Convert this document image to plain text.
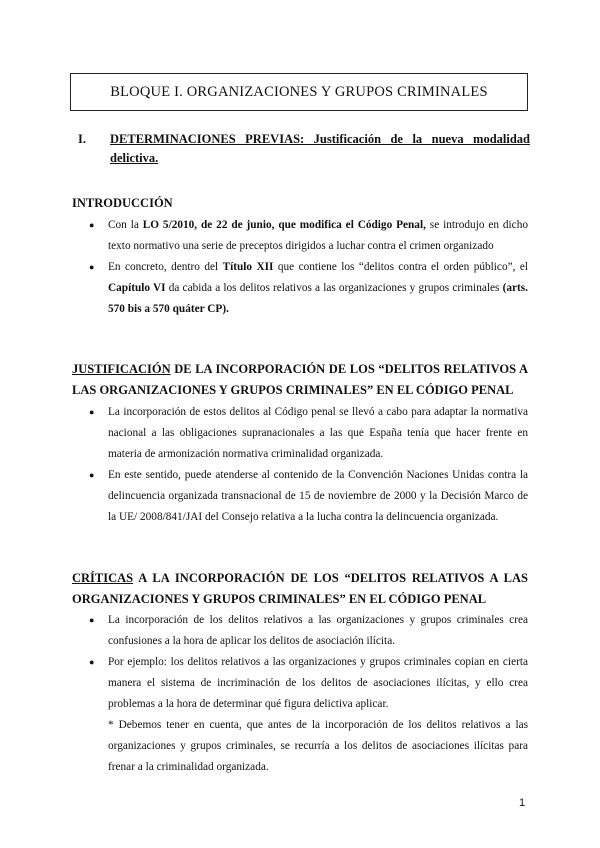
BLOQUE I. ORGANIZACIONES Y GRUPOS CRIMINALES
I. DETERMINACIONES PREVIAS: Justificación de la nueva modalidad
delictiva.
INTRODUCCIÓN
● Con la LO 5/2010, de 22 de junio, que modifica el Código Penal, se introdujo en dicho texto normativo una serie de preceptos dirigidos a luchar contra el crimen organizado

● En concreto, dentro del Título XII que contiene los “delitos contra el orden público”, el Capítulo VI da cabida a los delitos relativos a las organizaciones y grupos criminales (arts. 570 bis a 570 quáter CP).

JUSTIFICACIÓN DE LA INCORPORACIÓN DE LOS “DELITOS RELATIVOS A
LAS ORGANIZACIONES Y GRUPOS CRIMINALES” EN EL CÓDIGO PENAL
● La incorporación de estos delitos al Código penal se llevó a cabo para adaptar la normativa nacional a las obligaciones supranacionales a las que España tenía que hacer frente en materia de armonización normativa criminalidad organizada.

● En este sentido, puede atenderse al contenido de la Convención Naciones Unidas contra la delincuencia organizada transnacional de 15 de noviembre de 2000 y la Decisión Marco de la UE/ 2008/841/JAI del Consejo relativa a la lucha contra la delincuencia organizada.

CRÍTICAS A LA INCORPORACIÓN DE LOS “DELITOS RELATIVOS A LAS
ORGANIZACIONES Y GRUPOS CRIMINALES” EN EL CÓDIGO PENAL
● La incorporación de los delitos relativos a las organizaciones y grupos criminales crea confusiones a la hora de aplicar los delitos de asociación ilícita.

● Por ejemplo: los delitos relativos a las organizaciones y grupos criminales copian en cierta manera el sistema de incriminación de los delitos de asociaciones ilícitas, y ello crea problemas a la hora de determinar qué figura delictiva aplicar.

* Debemos tener en cuenta, que antes de la incorporación de los delitos relativos a las organizaciones y grupos criminales, se recurría a los delitos de asociaciones ilícitas para frenar a la criminalidad organizada.

1
